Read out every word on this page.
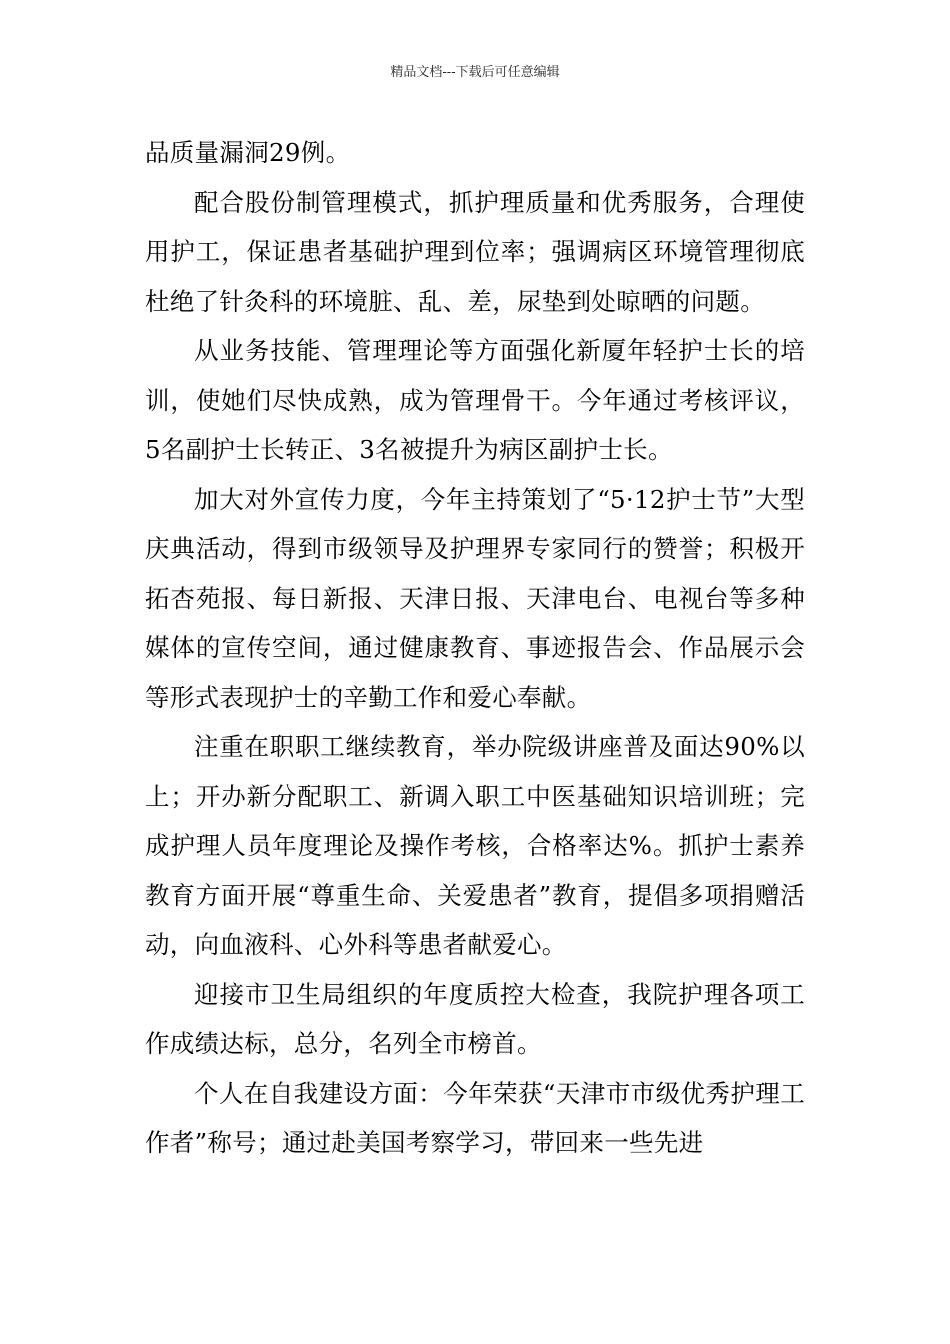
精品文档---下载后可任意编辑

品质量漏洞29例。

配合股份制管理模式，抓护理质量和优秀服务，合理使用护工，保证患者基础护理到位率；强调病区环境管理彻底杜绝了针灸科的环境脏、乱、差，尿垫到处晾晒的问题。

从业务技能、管理理论等方面强化新厦年轻护士长的培训，使她们尽快成熟，成为管理骨干。今年通过考核评议，5名副护士长转正、3名被提升为病区副护士长。

加大对外宣传力度，今年主持策划了“5·12护士节”大型庆典活动，得到市级领导及护理界专家同行的赞誉；积极开拓杏苑报、每日新报、天津日报、天津电台、电视台等多种媒体的宣传空间，通过健康教育、事迹报告会、作品展示会等形式表现护士的辛勤工作和爱心奉献。

注重在职职工继续教育，举办院级讲座普及面达90%以上；开办新分配职工、新调入职工中医基础知识培训班；完成护理人员年度理论及操作考核，合格率达%。抓护士素养教育方面开展“尊重生命、关爱患者”教育，提倡多项捐赠活动，向血液科、心外科等患者献爱心。

迎接市卫生局组织的年度质控大检查，我院护理各项工作成绩达标，总分，名列全市榜首。

个人在自我建设方面：今年荣获“天津市市级优秀护理工作者”称号；通过赴美国考察学习，带回来一些先进
